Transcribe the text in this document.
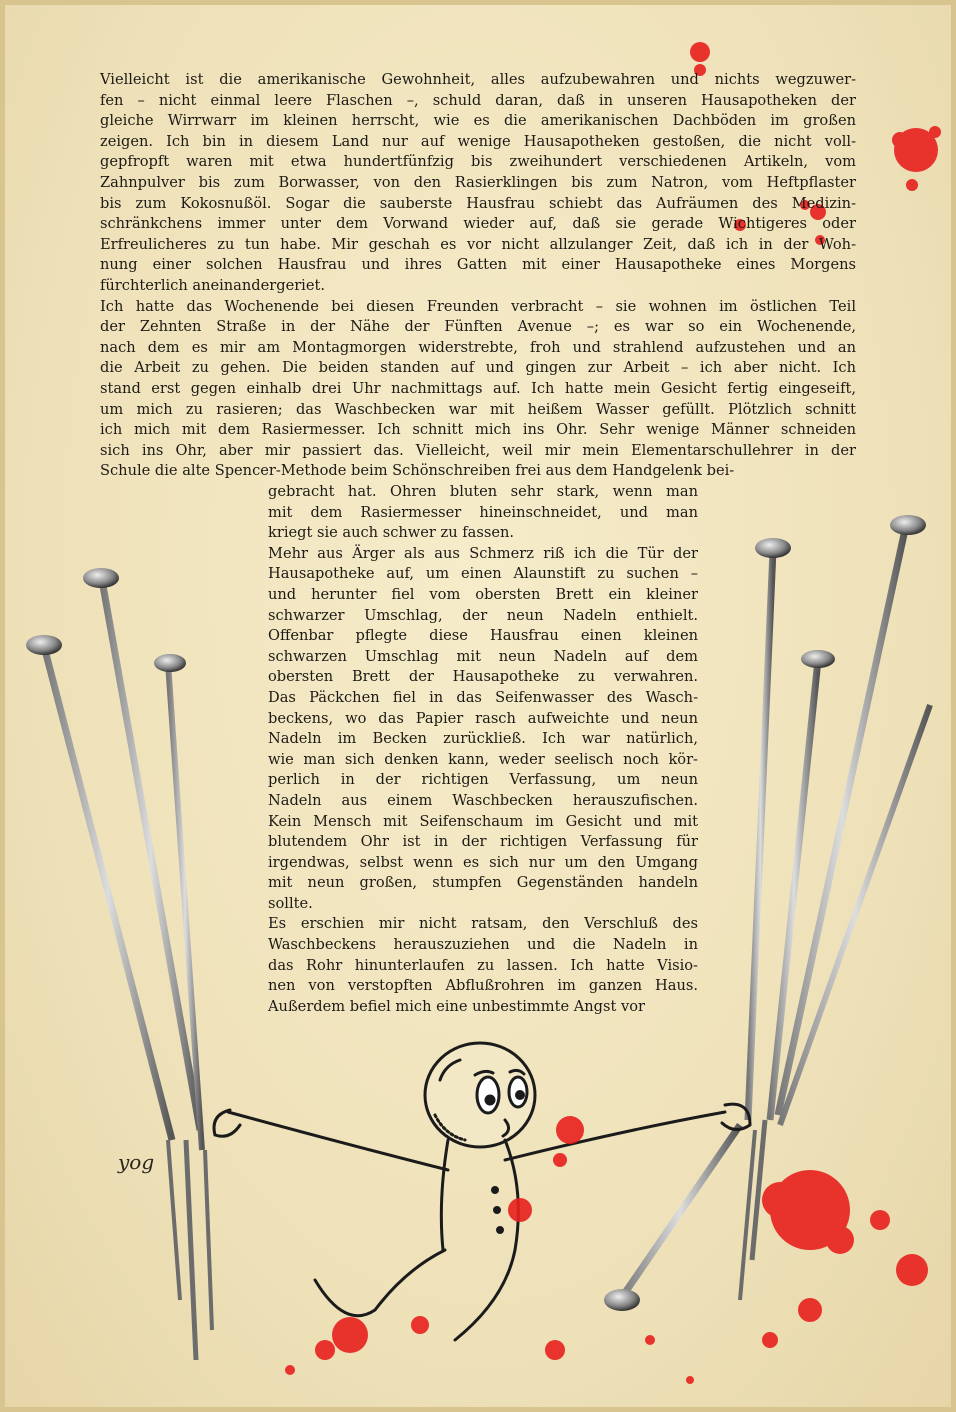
Vielleicht ist die amerikanische Gewohnheit, alles aufzubewahren und nichts wegzuwer-
fen – nicht einmal leere Flaschen –, schuld daran, daß in unseren Hausapotheken der
gleiche Wirrwarr im kleinen herrscht, wie es die amerikanischen Dachböden im großen
zeigen. Ich bin in diesem Land nur auf wenige Hausapotheken gestoßen, die nicht voll-
gepfropft waren mit etwa hundertfünfzig bis zweihundert verschiedenen Artikeln, vom
Zahnpulver bis zum Borwasser, von den Rasierklingen bis zum Natron, vom Heftpflaster
bis zum Kokosnußöl. Sogar die sauberste Hausfrau schiebt das Aufräumen des Medizin-
schränkchens immer unter dem Vorwand wieder auf, daß sie gerade Wichtigeres oder
Erfreulicheres zu tun habe. Mir geschah es vor nicht allzulanger Zeit, daß ich in der Woh-
nung einer solchen Hausfrau und ihres Gatten mit einer Hausapotheke eines Morgens
fürchterlich aneinandergeriet.
Ich hatte das Wochenende bei diesen Freunden verbracht – sie wohnen im östlichen Teil
der Zehnten Straße in der Nähe der Fünften Avenue –; es war so ein Wochenende,
nach dem es mir am Montagmorgen widerstrebte, froh und strahlend aufzustehen und an
die Arbeit zu gehen. Die beiden standen auf und gingen zur Arbeit – ich aber nicht. Ich
stand erst gegen einhalb drei Uhr nachmittags auf. Ich hatte mein Gesicht fertig eingeseift,
um mich zu rasieren; das Waschbecken war mit heißem Wasser gefüllt. Plötzlich schnitt
ich mich mit dem Rasiermesser. Ich schnitt mich ins Ohr. Sehr wenige Männer schneiden
sich ins Ohr, aber mir passiert das. Vielleicht, weil mir mein Elementarschullehrer in der
Schule die alte Spencer-Methode beim Schönschreiben frei aus dem Handgelenk bei-
gebracht hat. Ohren bluten sehr stark, wenn man
mit dem Rasiermesser hineinschneidet, und man
kriegt sie auch schwer zu fassen.
Mehr aus Ärger als aus Schmerz riß ich die Tür der
Hausapotheke auf, um einen Alaunstift zu suchen –
und herunter fiel vom obersten Brett ein kleiner
schwarzer Umschlag, der neun Nadeln enthielt.
Offenbar pflegte diese Hausfrau einen kleinen
schwarzen Umschlag mit neun Nadeln auf dem
obersten Brett der Hausapotheke zu verwahren.
Das Päckchen fiel in das Seifenwasser des Wasch-
beckens, wo das Papier rasch aufweichte und neun
Nadeln im Becken zurückließ. Ich war natürlich,
wie man sich denken kann, weder seelisch noch kör-
perlich in der richtigen Verfassung, um neun
Nadeln aus einem Waschbecken herauszufischen.
Kein Mensch mit Seifenschaum im Gesicht und mit
blutendem Ohr ist in der richtigen Verfassung für
irgendwas, selbst wenn es sich nur um den Umgang
mit neun großen, stumpfen Gegenständen handeln
sollte.
Es erschien mir nicht ratsam, den Verschluß des
Waschbeckens herauszuziehen und die Nadeln in
das Rohr hinunterlaufen zu lassen. Ich hatte Visio-
nen von verstopften Abflußrohren im ganzen Haus.
Außerdem befiel mich eine unbestimmte Angst vor
yog
